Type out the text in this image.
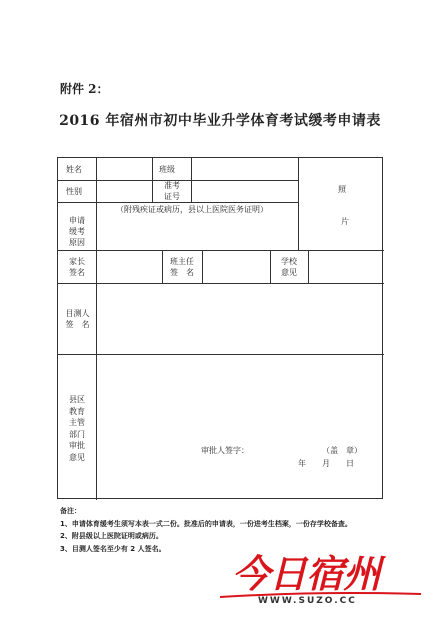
附件 2：
2016 年宿州市初中毕业升学体育考试缓考申请表
姓名	班级
性别
准考
证号
照
片
申请
缓考
原因
（附残疾证或病历，县以上医院医务证明）
家长
签名
班主任
签　名
学校
意见
目测人
签　名
县区
教育
主管
部门
审批
意见
审批人签字：	（盖　章）
年　　月　　日
备注：
1、申请体育缓考生须写本表一式二份。批准后的申请表，一份进考生档案，一份存学校备查。
2、附县级以上医院证明或病历。
3、目测人签名至少有 2 人签名。
今日宿州
WWW.SUZO.CC
